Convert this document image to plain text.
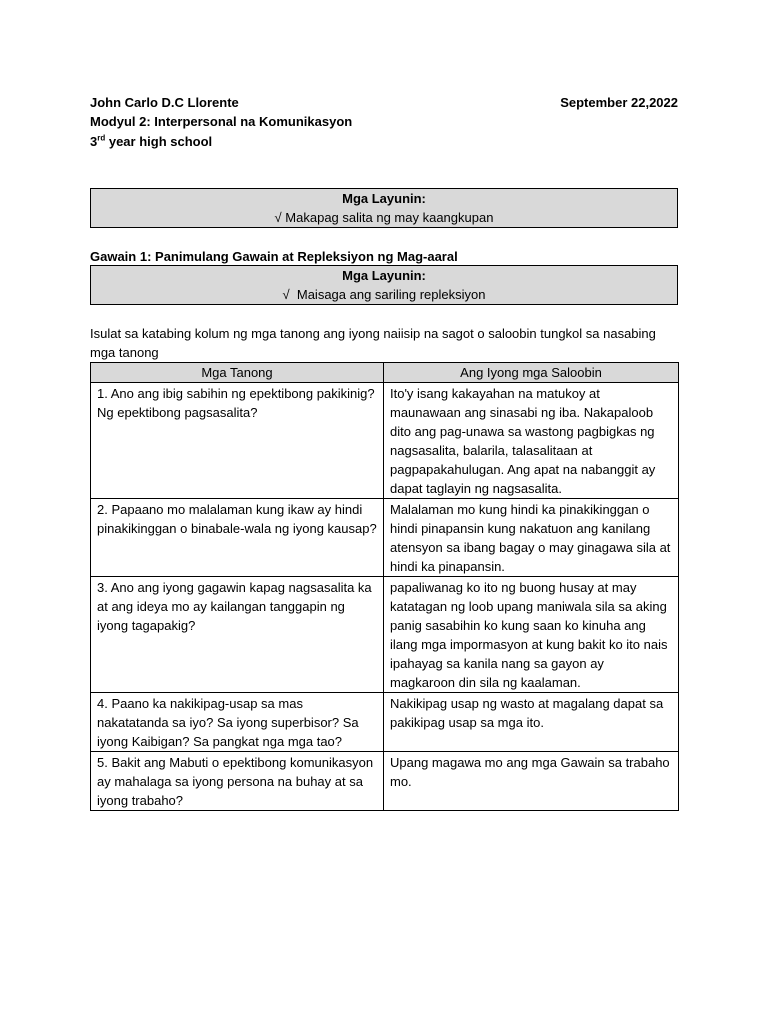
John Carlo D.C Llorente	September 22,2022
Modyul 2: Interpersonal na Komunikasyon
3rd year high school
Mga Layunin:
√ Makapag salita ng may kaangkupan
Gawain 1: Panimulang Gawain at Repleksiyon ng Mag-aaral
Mga Layunin:
√  Maisaga ang sariling repleksiyon
Isulat sa katabing kolum ng mga tanong ang iyong naiisip na sagot o saloobin tungkol sa nasabing mga tanong
Mga Tanong	Ang Iyong mga Saloobin
1. Ano ang ibig sabihin ng epektibong pakikinig? Ng epektibong pagsasalita?	Ito'y isang kakayahan na matukoy at maunawaan ang sinasabi ng iba. Nakapaloob dito ang pag-unawa sa wastong pagbigkas ng nagsasalita, balarila, talasalitaan at pagpapakahulugan. Ang apat na nabanggit ay dapat taglayin ng nagsasalita.
2. Papaano mo malalaman kung ikaw ay hindi pinakikinggan o binabale-wala ng iyong kausap?	Malalaman mo kung hindi ka pinakikinggan o hindi pinapansin kung nakatuon ang kanilang atensyon sa ibang bagay o may ginagawa sila at hindi ka pinapansin.
3. Ano ang iyong gagawin kapag nagsasalita ka at ang ideya mo ay kailangan tanggapin ng iyong tagapakig?	papaliwanag ko ito ng buong husay at may katatagan ng loob upang maniwala sila sa aking panig sasabihin ko kung saan ko kinuha ang ilang mga impormasyon at kung bakit ko ito nais ipahayag sa kanila nang sa gayon ay magkaroon din sila ng kaalaman.
4. Paano ka nakikipag-usap sa mas nakatatanda sa iyo? Sa iyong superbisor? Sa iyong Kaibigan? Sa pangkat nga mga tao?	Nakikipag usap ng wasto at magalang dapat sa pakikipag usap sa mga ito.
5. Bakit ang Mabuti o epektibong komunikasyon ay mahalaga sa iyong persona na buhay at sa iyong trabaho?	Upang magawa mo ang mga Gawain sa trabaho mo.
